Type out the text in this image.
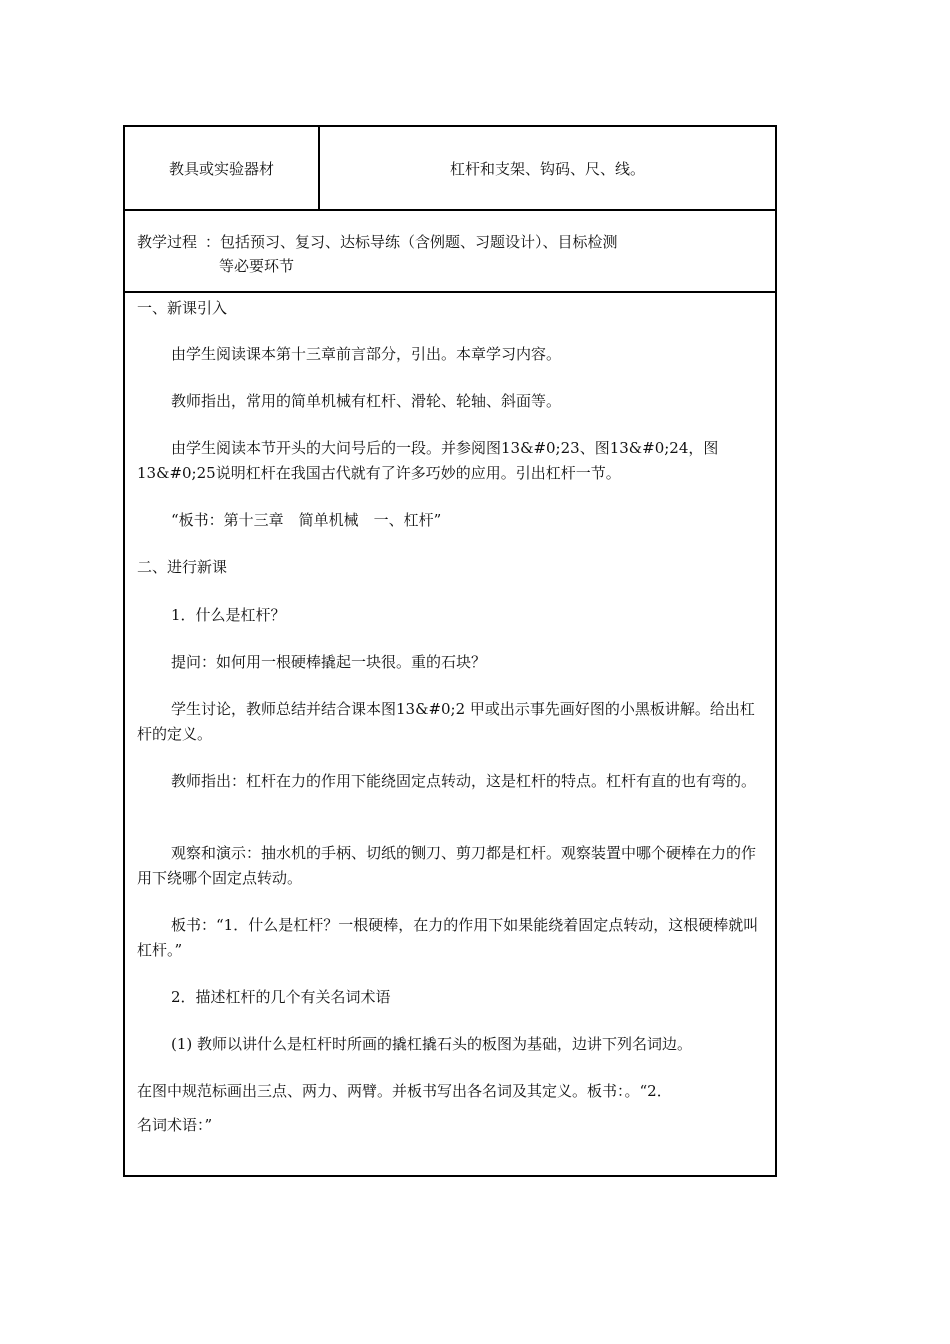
教具或实验器材	杠杆和支架、钩码、尺、线。
教学过程 ：包括预习、复习、达标导练（含例题、习题设计）、目标检测
等必要环节
一、新课引入
由学生阅读课本第十三章前言部分，引出。本章学习内容。
教师指出，常用的简单机械有杠杆、滑轮、轮轴、斜面等。
由学生阅读本节开头的大问号后的一段。并参阅图13&#0;23、图13&#0;24，图13&#0;25说明杠杆在我国古代就有了许多巧妙的应用。引出杠杆一节。
“板书：第十三章　简单机械　一、杠杆”
二、进行新课
1．什么是杠杆？
提问：如何用一根硬棒撬起一块很。重的石块？
学生讨论，教师总结并结合课本图13&#0;2 甲或出示事先画好图的小黑板讲解。给出杠杆的定义。
教师指出：杠杆在力的作用下能绕固定点转动，这是杠杆的特点。杠杆有直的也有弯的。
观察和演示：抽水机的手柄、切纸的铡刀、剪刀都是杠杆。观察装置中哪个硬棒在力的作用下绕哪个固定点转动。
板书：“1．什么是杠杆？一根硬棒，在力的作用下如果能绕着固定点转动，这根硬棒就叫杠杆。”
2．描述杠杆的几个有关名词术语
(1) 教师以讲什么是杠杆时所画的撬杠撬石头的板图为基础，边讲下列名词边。
在图中规范标画出三点、两力、两臂。并板书写出各名词及其定义。板书：。“2．
名词术语：”
